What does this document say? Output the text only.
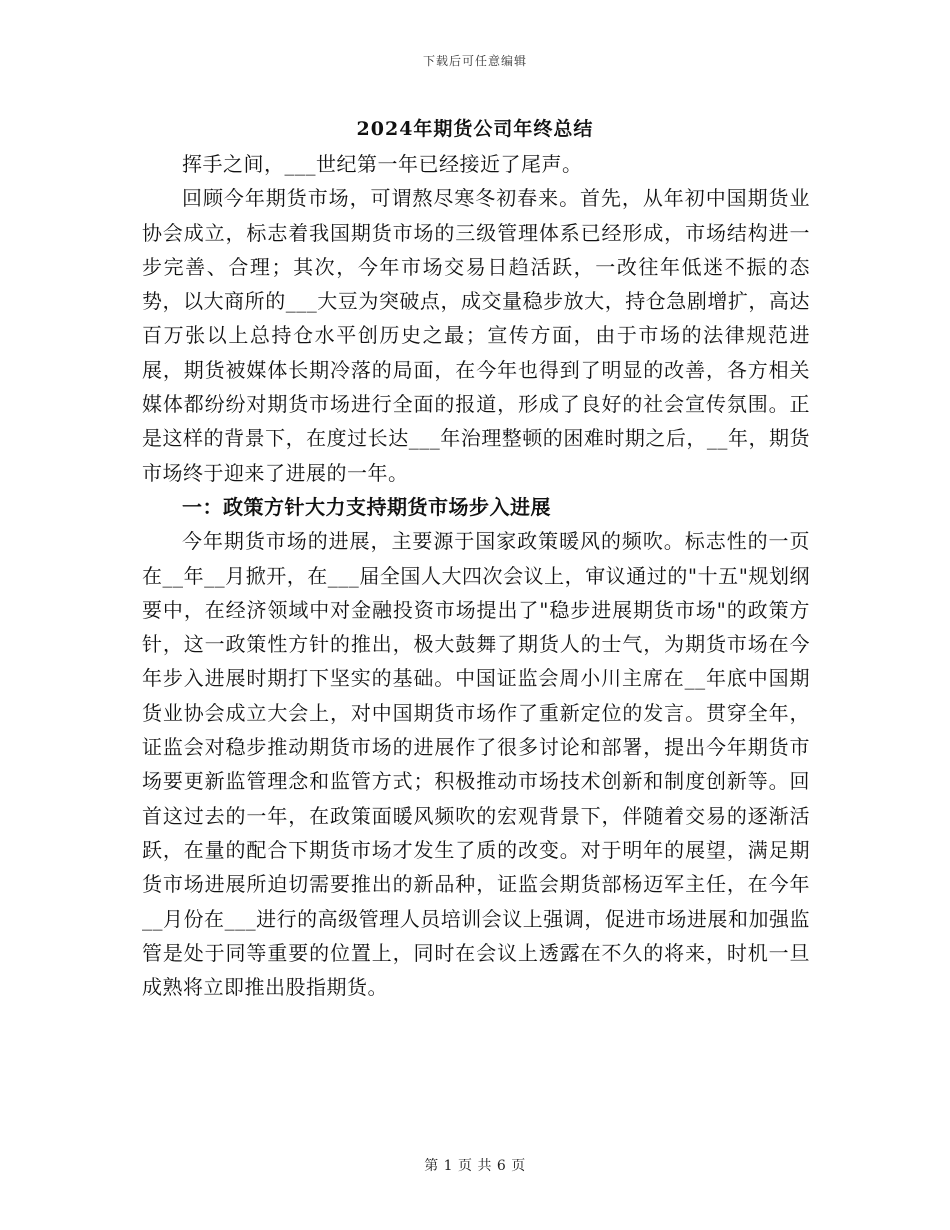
下载后可任意编辑
2024年期货公司年终总结

挥手之间，___世纪第一年已经接近了尾声。

回顾今年期货市场，可谓熬尽寒冬初春来。首先，从年初中国期货业协会成立，标志着我国期货市场的三级管理体系已经形成，市场结构进一步完善、合理；其次，今年市场交易日趋活跃，一改往年低迷不振的态势，以大商所的___大豆为突破点，成交量稳步放大，持仓急剧增扩，高达百万张以上总持仓水平创历史之最；宣传方面，由于市场的法律规范进展，期货被媒体长期冷落的局面，在今年也得到了明显的改善，各方相关媒体都纷纷对期货市场进行全面的报道，形成了良好的社会宣传氛围。正是这样的背景下，在度过长达___年治理整顿的困难时期之后，__年，期货市场终于迎来了进展的一年。

一：政策方针大力支持期货市场步入进展

今年期货市场的进展，主要源于国家政策暖风的频吹。标志性的一页在__年__月掀开，在___届全国人大四次会议上，审议通过的"十五"规划纲要中，在经济领域中对金融投资市场提出了"稳步进展期货市场"的政策方针，这一政策性方针的推出，极大鼓舞了期货人的士气，为期货市场在今年步入进展时期打下坚实的基础。中国证监会周小川主席在__年底中国期货业协会成立大会上，对中国期货市场作了重新定位的发言。贯穿全年，证监会对稳步推动期货市场的进展作了很多讨论和部署，提出今年期货市场要更新监管理念和监管方式；积极推动市场技术创新和制度创新等。回首这过去的一年，在政策面暖风频吹的宏观背景下，伴随着交易的逐渐活跃，在量的配合下期货市场才发生了质的改变。对于明年的展望，满足期货市场进展所迫切需要推出的新品种，证监会期货部杨迈军主任，在今年__月份在___进行的高级管理人员培训会议上强调，促进市场进展和加强监管是处于同等重要的位置上，同时在会议上透露在不久的将来，时机一旦成熟将立即推出股指期货。

第 1 页 共 6 页
